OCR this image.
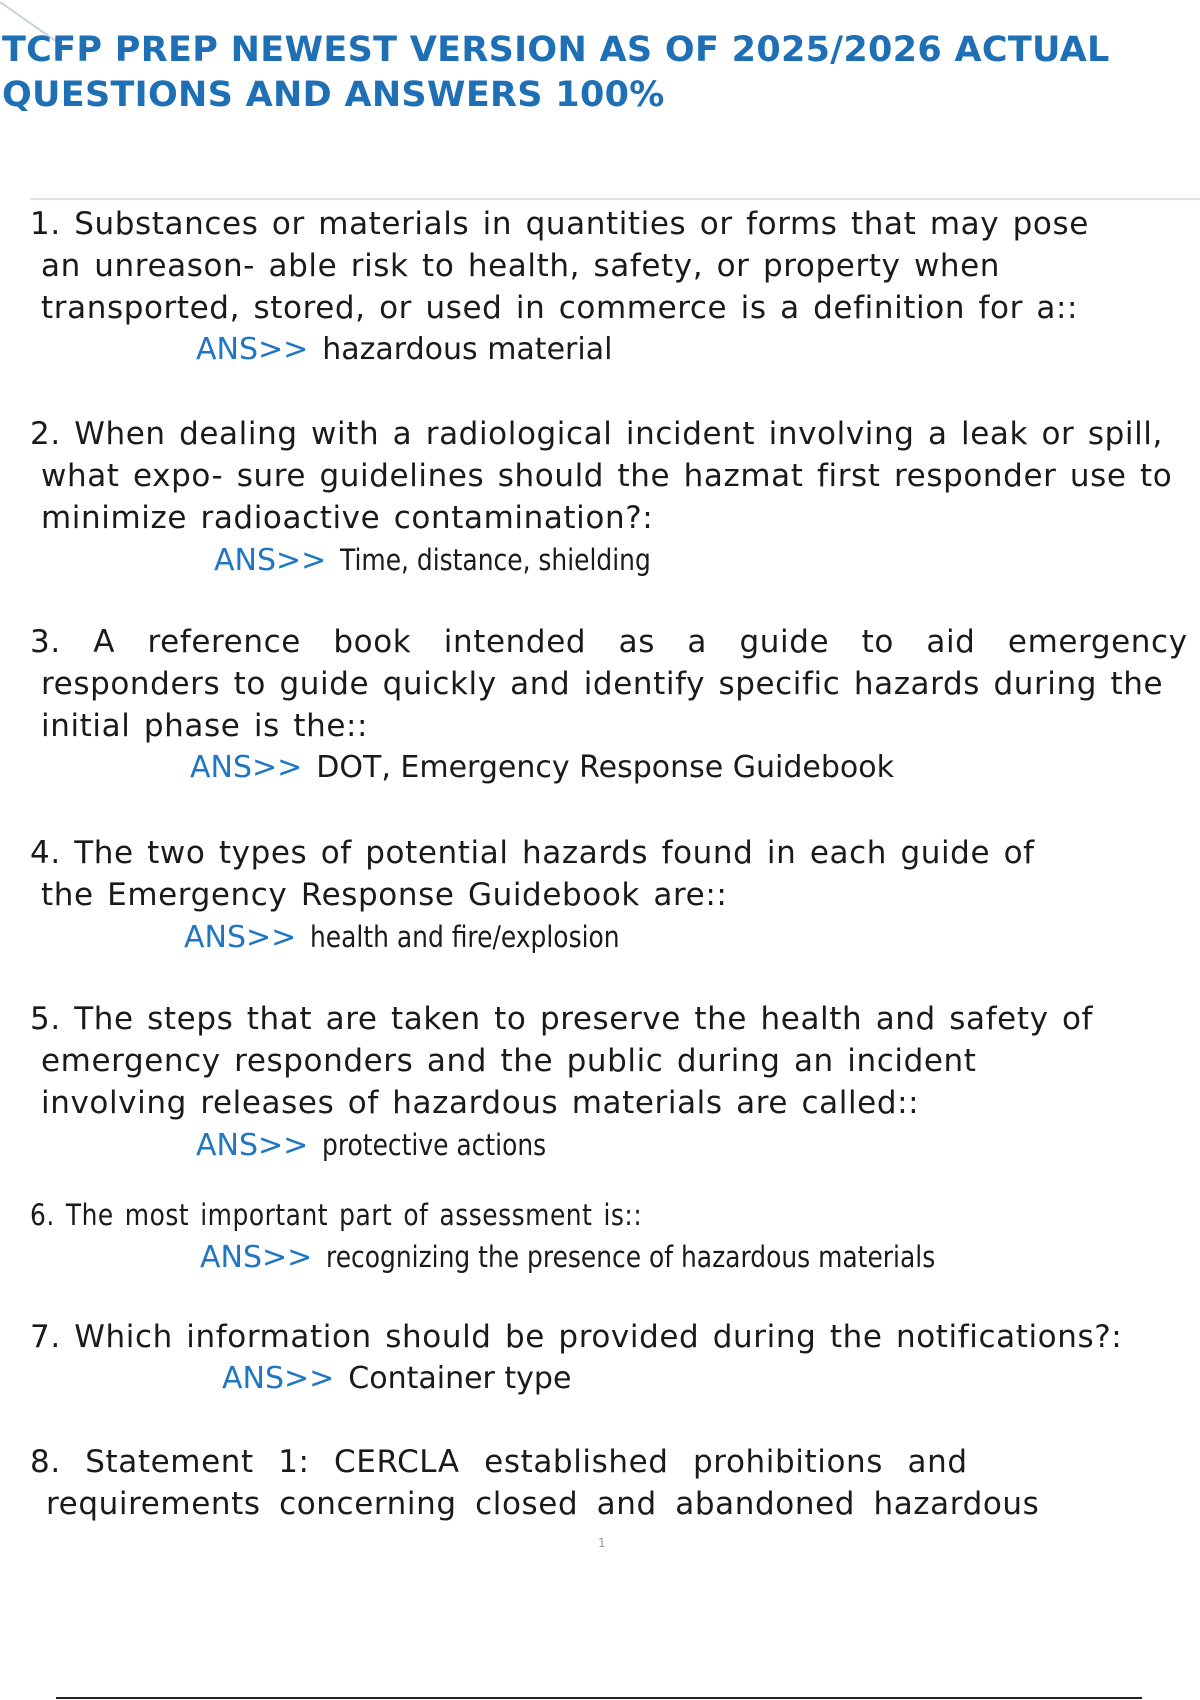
TCFP PREP NEWEST VERSION AS OF 2025/2026 ACTUAL
QUESTIONS AND ANSWERS 100%
1. Substances or materials in quantities or forms that may pose
an unreason- able risk to health, safety, or property when
transported, stored, or used in commerce is a definition for a::
ANS>> hazardous material
2. When dealing with a radiological incident involving a leak or spill,
what expo- sure guidelines should the hazmat first responder use to
minimize radioactive contamination?:
ANS>> Time, distance, shielding
3. A reference book intended as a guide to aid emergency
responders to guide quickly and identify specific hazards during the
initial phase is the::
ANS>> DOT, Emergency Response Guidebook
4. The two types of potential hazards found in each guide of
the Emergency Response Guidebook are::
ANS>> health and fire/explosion
5. The steps that are taken to preserve the health and safety of
emergency responders and the public during an incident
involving releases of hazardous materials are called::
ANS>> protective actions
6. The most important part of assessment is::
ANS>> recognizing the presence of hazardous materials
7. Which information should be provided during the notifications?:
ANS>> Container type
8. Statement 1: CERCLA established prohibitions and
requirements concerning closed and abandoned hazardous
1
